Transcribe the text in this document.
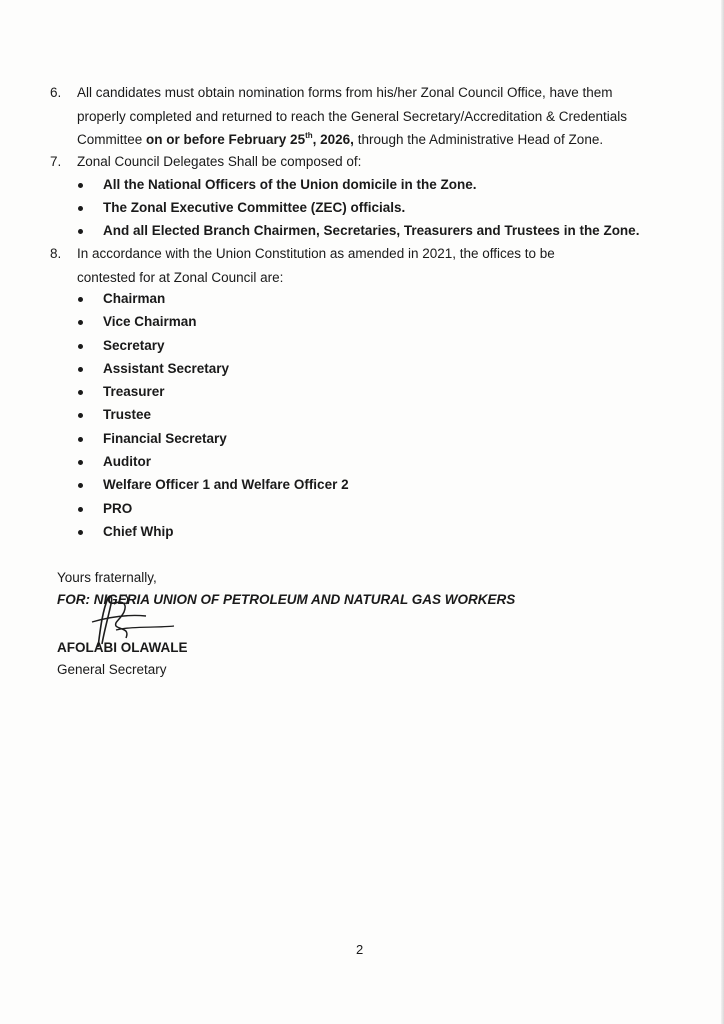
6. All candidates must obtain nomination forms from his/her Zonal Council Office, have them
properly completed and returned to reach the General Secretary/Accreditation & Credentials
Committee on or before February 25th, 2026, through the Administrative Head of Zone.
7. Zonal Council Delegates Shall be composed of:
All the National Officers of the Union domicile in the Zone.
The Zonal Executive Committee (ZEC) officials.
And all Elected Branch Chairmen, Secretaries, Treasurers and Trustees in the Zone.
8. In accordance with the Union Constitution as amended in 2021, the offices to be
contested for at Zonal Council are:
Chairman
Vice Chairman
Secretary
Assistant Secretary
Treasurer
Trustee
Financial Secretary
Auditor
Welfare Officer 1 and Welfare Officer 2
PRO
Chief Whip
Yours fraternally,
FOR: NIGERIA UNION OF PETROLEUM AND NATURAL GAS WORKERS
AFOLABI OLAWALE
General Secretary
2
